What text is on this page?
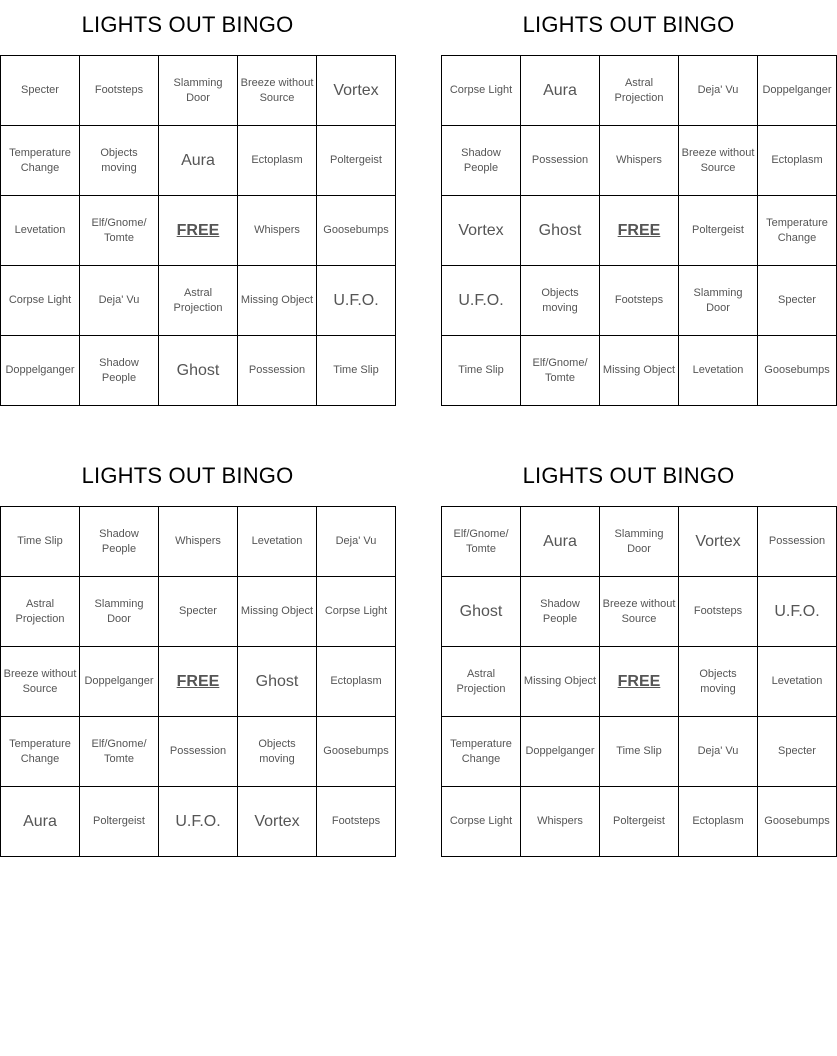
LIGHTS OUT BINGO
Specter	Footsteps	Slamming Door	Breeze without Source	Vortex
Temperature Change	Objects moving	Aura	Ectoplasm	Poltergeist
Levetation	Elf/Gnome/ Tomte	FREE	Whispers	Goosebumps
Corpse Light	Deja' Vu	Astral Projection	Missing Object	U.F.O.
Doppelganger	Shadow People	Ghost	Possession	Time Slip
LIGHTS OUT BINGO
Corpse Light	Aura	Astral Projection	Deja' Vu	Doppelganger
Shadow People	Possession	Whispers	Breeze without Source	Ectoplasm
Vortex	Ghost	FREE	Poltergeist	Temperature Change
U.F.O.	Objects moving	Footsteps	Slamming Door	Specter
Time Slip	Elf/Gnome/ Tomte	Missing Object	Levetation	Goosebumps
LIGHTS OUT BINGO
Time Slip	Shadow People	Whispers	Levetation	Deja' Vu
Astral Projection	Slamming Door	Specter	Missing Object	Corpse Light
Breeze without Source	Doppelganger	FREE	Ghost	Ectoplasm
Temperature Change	Elf/Gnome/ Tomte	Possession	Objects moving	Goosebumps
Aura	Poltergeist	U.F.O.	Vortex	Footsteps
LIGHTS OUT BINGO
Elf/Gnome/ Tomte	Aura	Slamming Door	Vortex	Possession
Ghost	Shadow People	Breeze without Source	Footsteps	U.F.O.
Astral Projection	Missing Object	FREE	Objects moving	Levetation
Temperature Change	Doppelganger	Time Slip	Deja' Vu	Specter
Corpse Light	Whispers	Poltergeist	Ectoplasm	Goosebumps
